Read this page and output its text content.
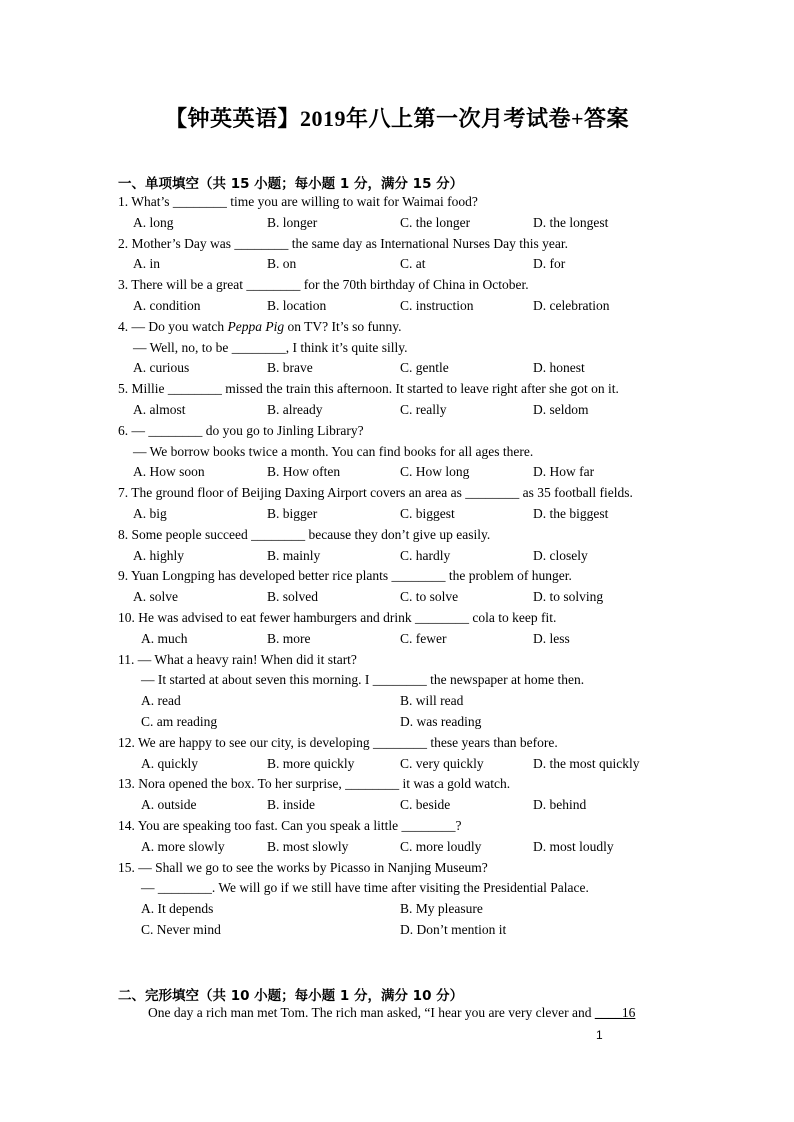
【钟英英语】2019年八上第一次月考试卷+答案
一、单项填空（共 15 小题；每小题 1 分，满分 15 分）
1. What’s ________ time you are willing to wait for Waimai food?
A. long	B. longer	C. the longer	D. the longest
2. Mother’s Day was ________ the same day as International Nurses Day this year.
A. in	B. on	C. at	D. for
3. There will be a great ________ for the 70th birthday of China in October.
A. condition	B. location	C. instruction	D. celebration
4. — Do you watch Peppa Pig on TV? It’s so funny.
— Well, no, to be ________, I think it’s quite silly.
A. curious	B. brave	C. gentle	D. honest
5. Millie ________ missed the train this afternoon. It started to leave right after she got on it.
A. almost	B. already	C. really	D. seldom
6. — ________ do you go to Jinling Library?
— We borrow books twice a month. You can find books for all ages there.
A. How soon	B. How often	C. How long	D. How far
7. The ground floor of Beijing Daxing Airport covers an area as ________ as 35 football fields.
A. big	B. bigger	C. biggest	D. the biggest
8. Some people succeed ________ because they don’t give up easily.
A. highly	B. mainly	C. hardly	D. closely
9. Yuan Longping has developed better rice plants ________ the problem of hunger.
A. solve	B. solved	C. to solve	D. to solving
10. He was advised to eat fewer hamburgers and drink ________ cola to keep fit.
A. much	B. more	C. fewer	D. less
11. — What a heavy rain! When did it start?
— It started at about seven this morning. I ________ the newspaper at home then.
A. read	B. will read
C. am reading	D. was reading
12. We are happy to see our city, is developing ________ these years than before.
A. quickly	B. more quickly	C. very quickly	D. the most quickly
13. Nora opened the box. To her surprise, ________ it was a gold watch.
A. outside	B. inside	C. beside	D. behind
14. You are speaking too fast. Can you speak a little ________?
A. more slowly	B. most slowly	C. more loudly	D. most loudly
15. — Shall we go to see the works by Picasso in Nanjing Museum?
— ________. We will go if we still have time after visiting the Presidential Palace.
A. It depends	B. My pleasure
C. Never mind	D. Don’t mention it
二、完形填空（共 10 小题；每小题 1 分，满分 10 分）
One day a rich man met Tom. The rich man asked, “I hear you are very clever and ____16
1
